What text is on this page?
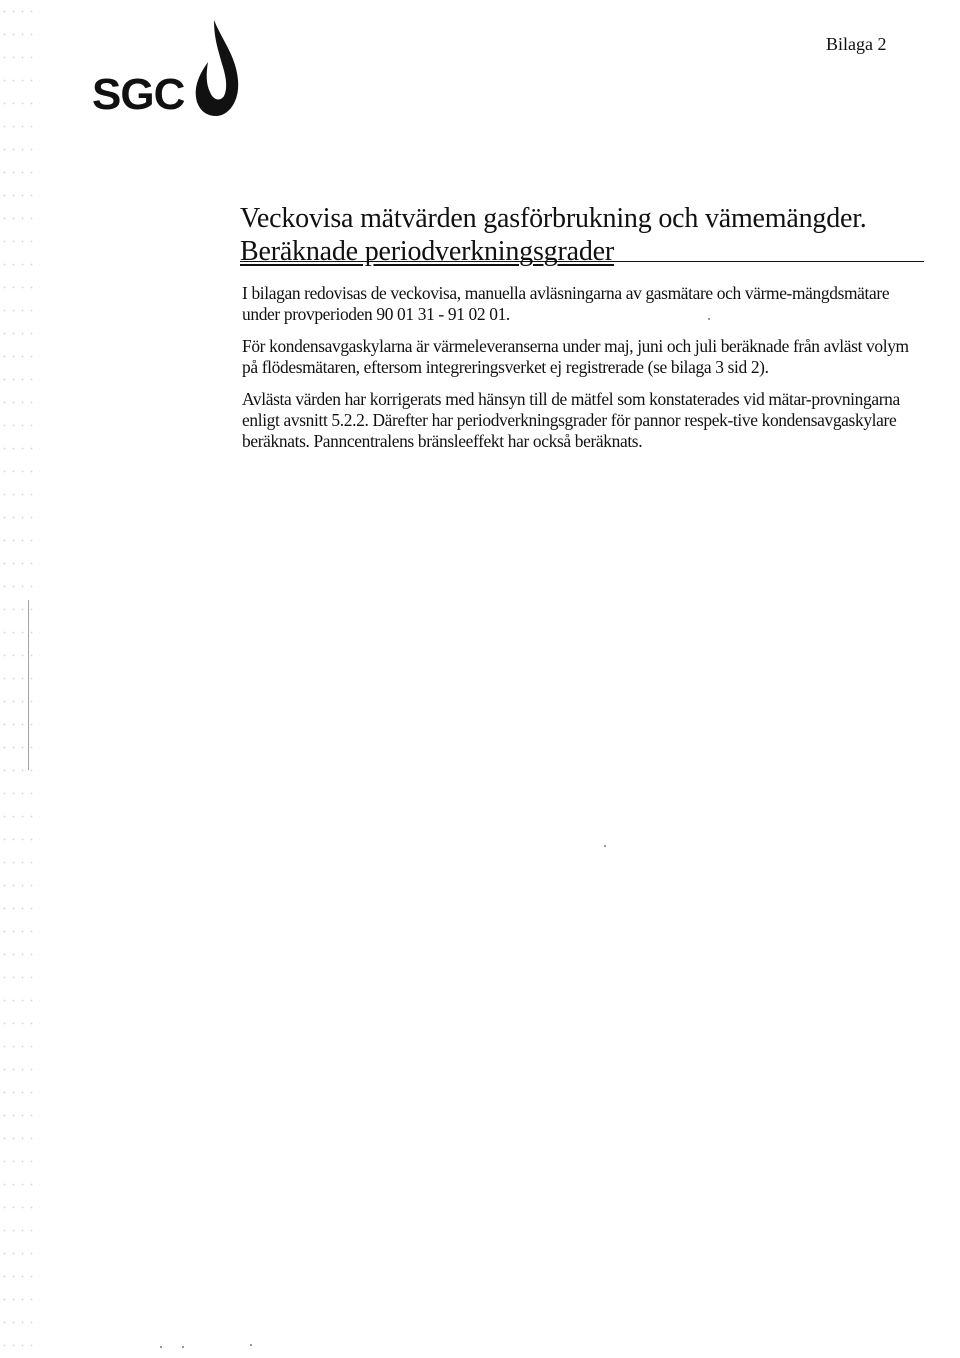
SGC
Bilaga 2
Veckovisa mätvärden gasförbrukning och vämemängder.
Beräknade periodverkningsgrader

I bilagan redovisas de veckovisa, manuella avläsningarna av gasmätare och värme-mängdsmätare under provperioden 90 01 31 - 91 02 01.

För kondensavgaskylarna är värmeleveranserna under maj, juni och juli beräknade från avläst volym på flödesmätaren, eftersom integreringsverket ej registrerade (se bilaga 3 sid 2).

Avlästa värden har korrigerats med hänsyn till de mätfel som konstaterades vid mätar-provningarna enligt avsnitt 5.2.2. Därefter har periodverkningsgrader för pannor respek-tive kondensavgaskylare beräknats. Panncentralens bränsleeffekt har också beräknats.
